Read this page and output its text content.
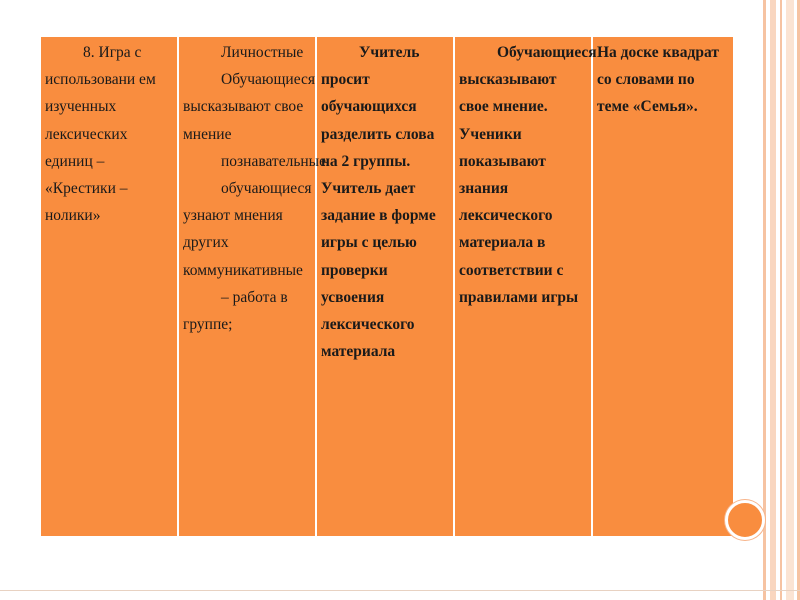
8. Игра с использовани ем изученных лексических единиц – «Крестики – нолики»
Личностные
Обучающиеся высказывают свое мнение
познавательные
обучающиеся узнают мнения других коммуникативные
– работа в группе;
Учитель просит обучающихся разделить слова на 2 группы. Учитель дает задание в форме игры с целью проверки усвоения лексического материала
Обучающиеся высказывают свое мнение. Ученики показывают знания лексического материала в соответствии с правилами игры
На доске квадрат со словами по теме «Семья».
